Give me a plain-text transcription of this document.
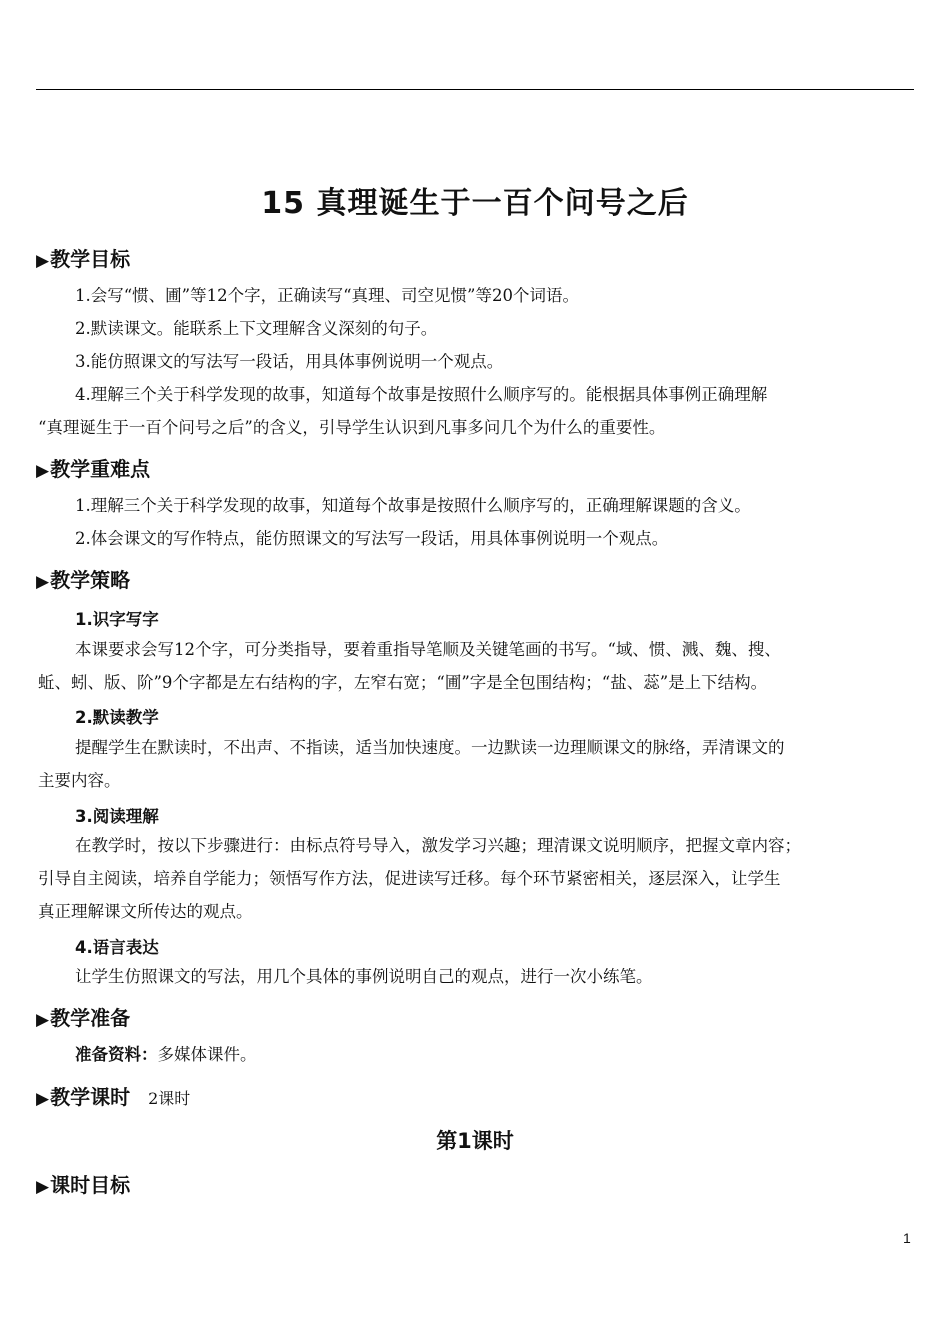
15 真理诞生于一百个问号之后
▶教学目标
1.会写“惯、圃”等12个字，正确读写“真理、司空见惯”等20个词语。
2.默读课文。能联系上下文理解含义深刻的句子。
3.能仿照课文的写法写一段话，用具体事例说明一个观点。
4.理解三个关于科学发现的故事，知道每个故事是按照什么顺序写的。能根据具体事例正确理解
“真理诞生于一百个问号之后”的含义，引导学生认识到凡事多问几个为什么的重要性。
▶教学重难点
1.理解三个关于科学发现的故事，知道每个故事是按照什么顺序写的，正确理解课题的含义。
2.体会课文的写作特点，能仿照课文的写法写一段话，用具体事例说明一个观点。
▶教学策略
1.识字写字
本课要求会写12个字，可分类指导，要着重指导笔顺及关键笔画的书写。“域、惯、溅、魏、搜、
蚯、蚓、版、阶”9个字都是左右结构的字，左窄右宽；“圃”字是全包围结构；“盐、蕊”是上下结构。
2.默读教学
提醒学生在默读时，不出声、不指读，适当加快速度。一边默读一边理顺课文的脉络，弄清课文的
主要内容。
3.阅读理解
在教学时，按以下步骤进行：由标点符号导入，激发学习兴趣；理清课文说明顺序，把握文章内容；
引导自主阅读，培养自学能力；领悟写作方法，促进读写迁移。每个环节紧密相关，逐层深入，让学生
真正理解课文所传达的观点。
4.语言表达
让学生仿照课文的写法，用几个具体的事例说明自己的观点，进行一次小练笔。
▶教学准备
准备资料：多媒体课件。
▶教学课时 2课时
第1课时
▶课时目标
1
